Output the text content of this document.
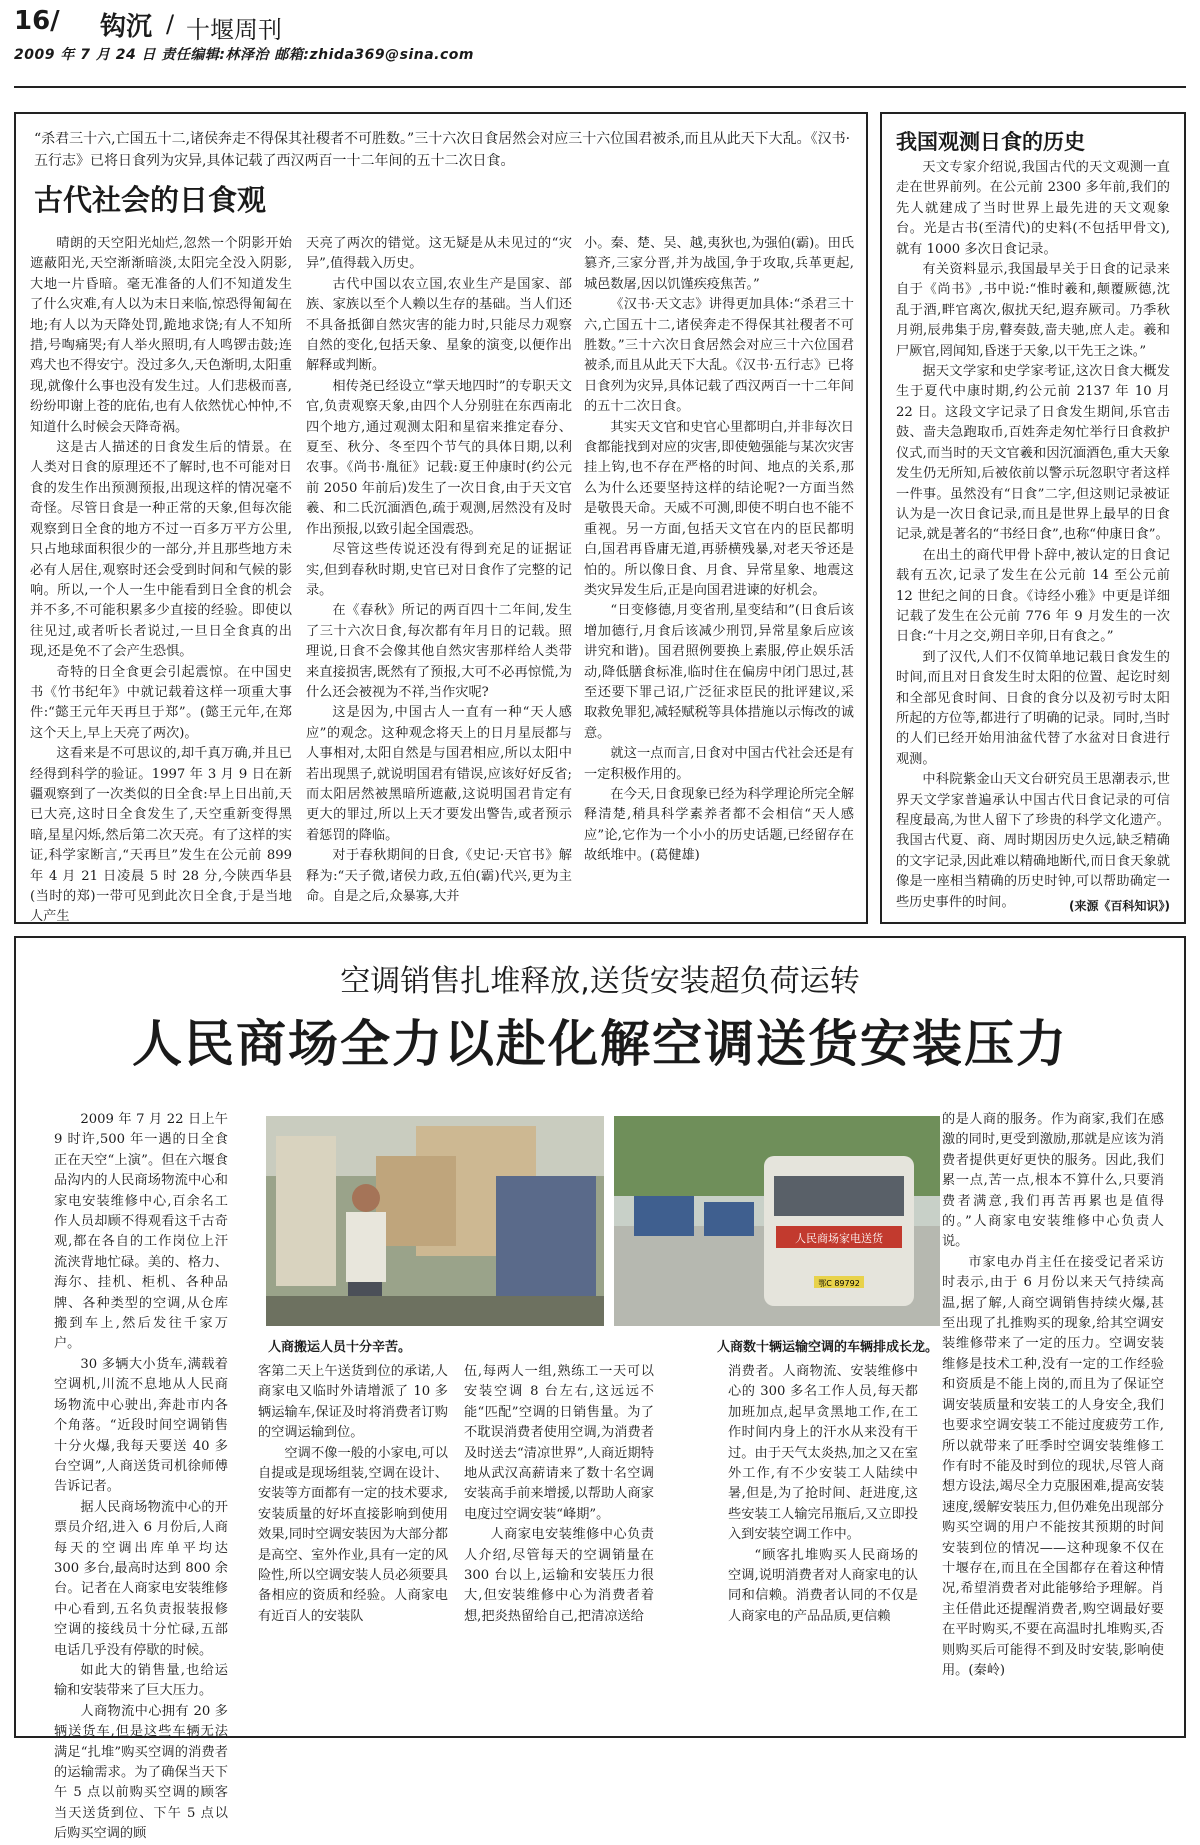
16/ 钩沉 / 十堰周刊
2009 年 7 月 24 日 责任编辑:林泽治 邮箱:zhida369@sina.com
“杀君三十六,亡国五十二,诸侯奔走不得保其社稷者不可胜数。”三十六次日食居然会对应三十六位国君被杀,而且从此天下大乱。《汉书·五行志》已将日食列为灾异,具体记载了西汉两百一十二年间的五十二次日食。
古代社会的日食观

晴朗的天空阳光灿烂,忽然一个阴影开始遮蔽阳光,天空渐渐暗淡,太阳完全没入阴影,大地一片昏暗。毫无准备的人们不知道发生了什么灾难,有人以为末日来临,惊恐得匍匐在地;有人以为天降处罚,跪地求饶;有人不知所措,号啕痛哭;有人举火照明,有人鸣锣击鼓;连鸡犬也不得安宁。没过多久,天色渐明,太阳重现,就像什么事也没有发生过。人们悲极而喜,纷纷叩谢上苍的庇佑,也有人依然忧心忡忡,不知道什么时候会天降奇祸。

这是古人描述的日食发生后的情景。在人类对日食的原理还不了解时,也不可能对日食的发生作出预测预报,出现这样的情况毫不奇怪。尽管日食是一种正常的天象,但每次能观察到日全食的地方不过一百多万平方公里,只占地球面积很少的一部分,并且那些地方未必有人居住,观察时还会受到时间和气候的影响。所以,一个人一生中能看到日全食的机会并不多,不可能积累多少直接的经验。即使以往见过,或者听长者说过,一旦日全食真的出现,还是免不了会产生恐惧。

奇特的日全食更会引起震惊。在中国史书《竹书纪年》中就记载着这样一项重大事件:“懿王元年天再旦于郑”。(懿王元年,在郑这个天上,早上天亮了两次)。

这看来是不可思议的,却千真万确,并且已经得到科学的验证。1997 年 3 月 9 日在新疆观察到了一次类似的日全食:早上日出前,天已大亮,这时日全食发生了,天空重新变得黑暗,星星闪烁,然后第二次天亮。有了这样的实证,科学家断言,“天再旦”发生在公元前 899 年 4 月 21 日凌晨 5 时 28 分,今陕西华县(当时的郑)一带可见到此次日全食,于是当地人产生

天亮了两次的错觉。这无疑是从未见过的“灾异”,值得载入历史。

古代中国以农立国,农业生产是国家、部族、家族以至个人赖以生存的基础。当人们还不具备抵御自然灾害的能力时,只能尽力观察自然的变化,包括天象、星象的演变,以便作出解释或判断。

相传尧已经设立“掌天地四时”的专职天文官,负责观察天象,由四个人分别驻在东西南北四个地方,通过观测太阳和星宿来推定春分、夏至、秋分、冬至四个节气的具体日期,以利农事。《尚书·胤征》记载:夏王仲康时(约公元前 2050 年前后)发生了一次日食,由于天文官羲、和二氏沉湎酒色,疏于观测,居然没有及时作出预报,以致引起全国震恐。

尽管这些传说还没有得到充足的证据证实,但到春秋时期,史官已对日食作了完整的记录。

在《春秋》所记的两百四十二年间,发生了三十六次日食,每次都有年月日的记载。照理说,日食不会像其他自然灾害那样给人类带来直接损害,既然有了预报,大可不必再惊慌,为什么还会被视为不祥,当作灾呢?

这是因为,中国古人一直有一种“天人感应”的观念。这种观念将天上的日月星辰都与人事相对,太阳自然是与国君相应,所以太阳中若出现黑子,就说明国君有错误,应该好好反省;而太阳居然被黑暗所遮蔽,这说明国君肯定有更大的罪过,所以上天才要发出警告,或者预示着惩罚的降临。

对于春秋期间的日食,《史记·天官书》解释为:“天子微,诸侯力政,五伯(霸)代兴,更为主命。自是之后,众暴寡,大并

小。秦、楚、吴、越,夷狄也,为强伯(霸)。田氏篡齐,三家分晋,并为战国,争于攻取,兵革更起,城邑数屠,因以饥馑疾疫焦苦。”

《汉书·天文志》讲得更加具体:“杀君三十六,亡国五十二,诸侯奔走不得保其社稷者不可胜数。”三十六次日食居然会对应三十六位国君被杀,而且从此天下大乱。《汉书·五行志》已将日食列为灾异,具体记载了西汉两百一十二年间的五十二次日食。

其实天文官和史官心里都明白,并非每次日食都能找到对应的灾害,即使勉强能与某次灾害挂上钩,也不存在严格的时间、地点的关系,那么为什么还要坚持这样的结论呢?一方面当然是敬畏天命。天威不可测,即使不明白也不能不重视。另一方面,包括天文官在内的臣民都明白,国君再昏庸无道,再骄横残暴,对老天爷还是怕的。所以像日食、月食、异常星象、地震这类灾异发生后,正是向国君进谏的好机会。

“日变修德,月变省刑,星变结和”(日食后该增加德行,月食后该减少刑罚,异常星象后应该讲究和谐)。国君照例要换上素服,停止娱乐活动,降低膳食标准,临时住在偏房中闭门思过,甚至还要下罪己诏,广泛征求臣民的批评建议,采取救免罪犯,减轻赋税等具体措施以示悔改的诚意。

就这一点而言,日食对中国古代社会还是有一定积极作用的。

在今天,日食现象已经为科学理论所完全解释清楚,稍具科学素养者都不会相信“天人感应”论,它作为一个小小的历史话题,已经留存在故纸堆中。(葛健雄)

我国观测日食的历史

天文专家介绍说,我国古代的天文观测一直走在世界前列。在公元前 2300 多年前,我们的先人就建成了当时世界上最先进的天文观象台。光是古书(至清代)的史料(不包括甲骨文),就有 1000 多次日食记录。

有关资料显示,我国最早关于日食的记录来自于《尚书》,书中说:“惟时羲和,颠覆厥德,沈乱于酒,畔官离次,俶扰天纪,遐弃厥司。乃季秋月朔,辰弗集于房,瞽奏鼓,啬夫驰,庶人走。羲和尸厥官,罔闻知,昏迷于天象,以干先王之诛。”

据天文学家和史学家考证,这次日食大概发生于夏代中康时期,约公元前 2137 年 10 月 22 日。这段文字记录了日食发生期间,乐官击鼓、啬夫急跑取币,百姓奔走匆忙举行日食救护仪式,而当时的天文官羲和因沉湎酒色,重大天象发生仍无所知,后被依前以警示玩忽职守者这样一件事。虽然没有“日食”二字,但这则记录被证认为是一次日食记录,而且是世界上最早的日食记录,就是著名的“书经日食”,也称“仲康日食”。

在出土的商代甲骨卜辞中,被认定的日食记载有五次,记录了发生在公元前 14 至公元前 12 世纪之间的日食。《诗经小雅》中更是详细记载了发生在公元前 776 年 9 月发生的一次日食:“十月之交,朔日辛卯,日有食之。”

到了汉代,人们不仅简单地记载日食发生的时间,而且对日食发生时太阳的位置、起讫时刻和全部见食时间、日食的食分以及初亏时太阳所起的方位等,都进行了明确的记录。同时,当时的人们已经开始用油盆代替了水盆对日食进行观测。

中科院紫金山天文台研究员王思潮表示,世界天文学家普遍承认中国古代日食记录的可信程度最高,为世人留下了珍贵的科学文化遗产。我国古代夏、商、周时期因历史久远,缺乏精确的文字记录,因此难以精确地断代,而日食天象就像是一座相当精确的历史时钟,可以帮助确定一些历史事件的时间。	(来源《百科知识》)
空调销售扎堆释放,送货安装超负荷运转
人民商场全力以赴化解空调送货安装压力

2009 年 7 月 22 日上午 9 时许,500 年一遇的日全食正在天空“上演”。但在六堰食品沟内的人民商场物流中心和家电安装维修中心,百余名工作人员却顾不得观看这千古奇观,都在各自的工作岗位上汗流浃背地忙碌。美的、格力、海尔、挂机、柜机、各种品牌、各种类型的空调,从仓库搬到车上,然后发往千家万户。

30 多辆大小货车,满载着空调机,川流不息地从人民商场物流中心驶出,奔赴市内各个角落。“近段时间空调销售十分火爆,我每天要送 40 多台空调”,人商送货司机徐师傅告诉记者。

据人民商场物流中心的开票员介绍,进入 6 月份后,人商每天的空调出库单平均达 300 多台,最高时达到 800 余台。记者在人商家电安装维修中心看到,五名负责报装报修空调的接线员十分忙碌,五部电话几乎没有停歇的时候。

如此大的销售量,也给运输和安装带来了巨大压力。

人商物流中心拥有 20 多辆送货车,但是这些车辆无法满足“扎堆”购买空调的消费者的运输需求。为了确保当天下午 5 点以前购买空调的顾客当天送货到位、下午 5 点以后购买空调的顾

人民商场家电送货
鄂C 89792
人商搬运人员十分辛苦。	人商数十辆运输空调的车辆排成长龙。

客第二天上午送货到位的承诺,人商家电又临时外请增派了 10 多辆运输车,保证及时将消费者订购的空调运输到位。

空调不像一般的小家电,可以自提或是现场组装,空调在设计、安装等方面都有一定的技术要求,安装质量的好坏直接影响到使用效果,同时空调安装因为大部分都是高空、室外作业,具有一定的风险性,所以空调安装人员必须要具备相应的资质和经验。人商家电有近百人的安装队

伍,每两人一组,熟练工一天可以安装空调 8 台左右,这远远不能“匹配”空调的日销售量。为了不耽误消费者使用空调,为消费者及时送去“清凉世界”,人商近期特地从武汉高薪请来了数十名空调安装高手前来增援,以帮助人商家电度过空调安装“峰期”。

人商家电安装维修中心负责人介绍,尽管每天的空调销量在 300 台以上,运输和安装压力很大,但安装维修中心为消费者着想,把炎热留给自己,把清凉送给

消费者。人商物流、安装维修中心的 300 多名工作人员,每天都加班加点,起早贪黑地工作,在工作时间内身上的汗水从来没有干过。由于天气太炎热,加之又在室外工作,有不少安装工人陆续中暑,但是,为了抢时间、赶进度,这些安装工人输完吊瓶后,又立即投入到安装空调工作中。

“顾客扎堆购买人民商场的空调,说明消费者对人商家电的认同和信赖。消费者认同的不仅是人商家电的产品品质,更信赖

的是人商的服务。作为商家,我们在感激的同时,更受到激励,那就是应该为消费者提供更好更快的服务。因此,我们累一点,苦一点,根本不算什么,只要消费者满意,我们再苦再累也是值得的。”人商家电安装维修中心负责人说。

市家电办肖主任在接受记者采访时表示,由于 6 月份以来天气持续高温,据了解,人商空调销售持续火爆,甚至出现了扎推购买的现象,给其空调安装维修带来了一定的压力。空调安装维修是技术工种,没有一定的工作经验和资质是不能上岗的,而且为了保证空调安装质量和安装工的人身安全,我们也要求空调安装工不能过度疲劳工作,所以就带来了旺季时空调安装维修工作有时不能及时到位的现状,尽管人商想方设法,竭尽全力克服困难,提高安装速度,缓解安装压力,但仍难免出现部分购买空调的用户不能按其预期的时间安装到位的情况——这种现象不仅在十堰存在,而且在全国都存在着这种情况,希望消费者对此能够给予理解。肖主任借此还提醒消费者,购空调最好要在平时购买,不要在高温时扎堆购买,否则购买后可能得不到及时安装,影响使用。(秦岭)
